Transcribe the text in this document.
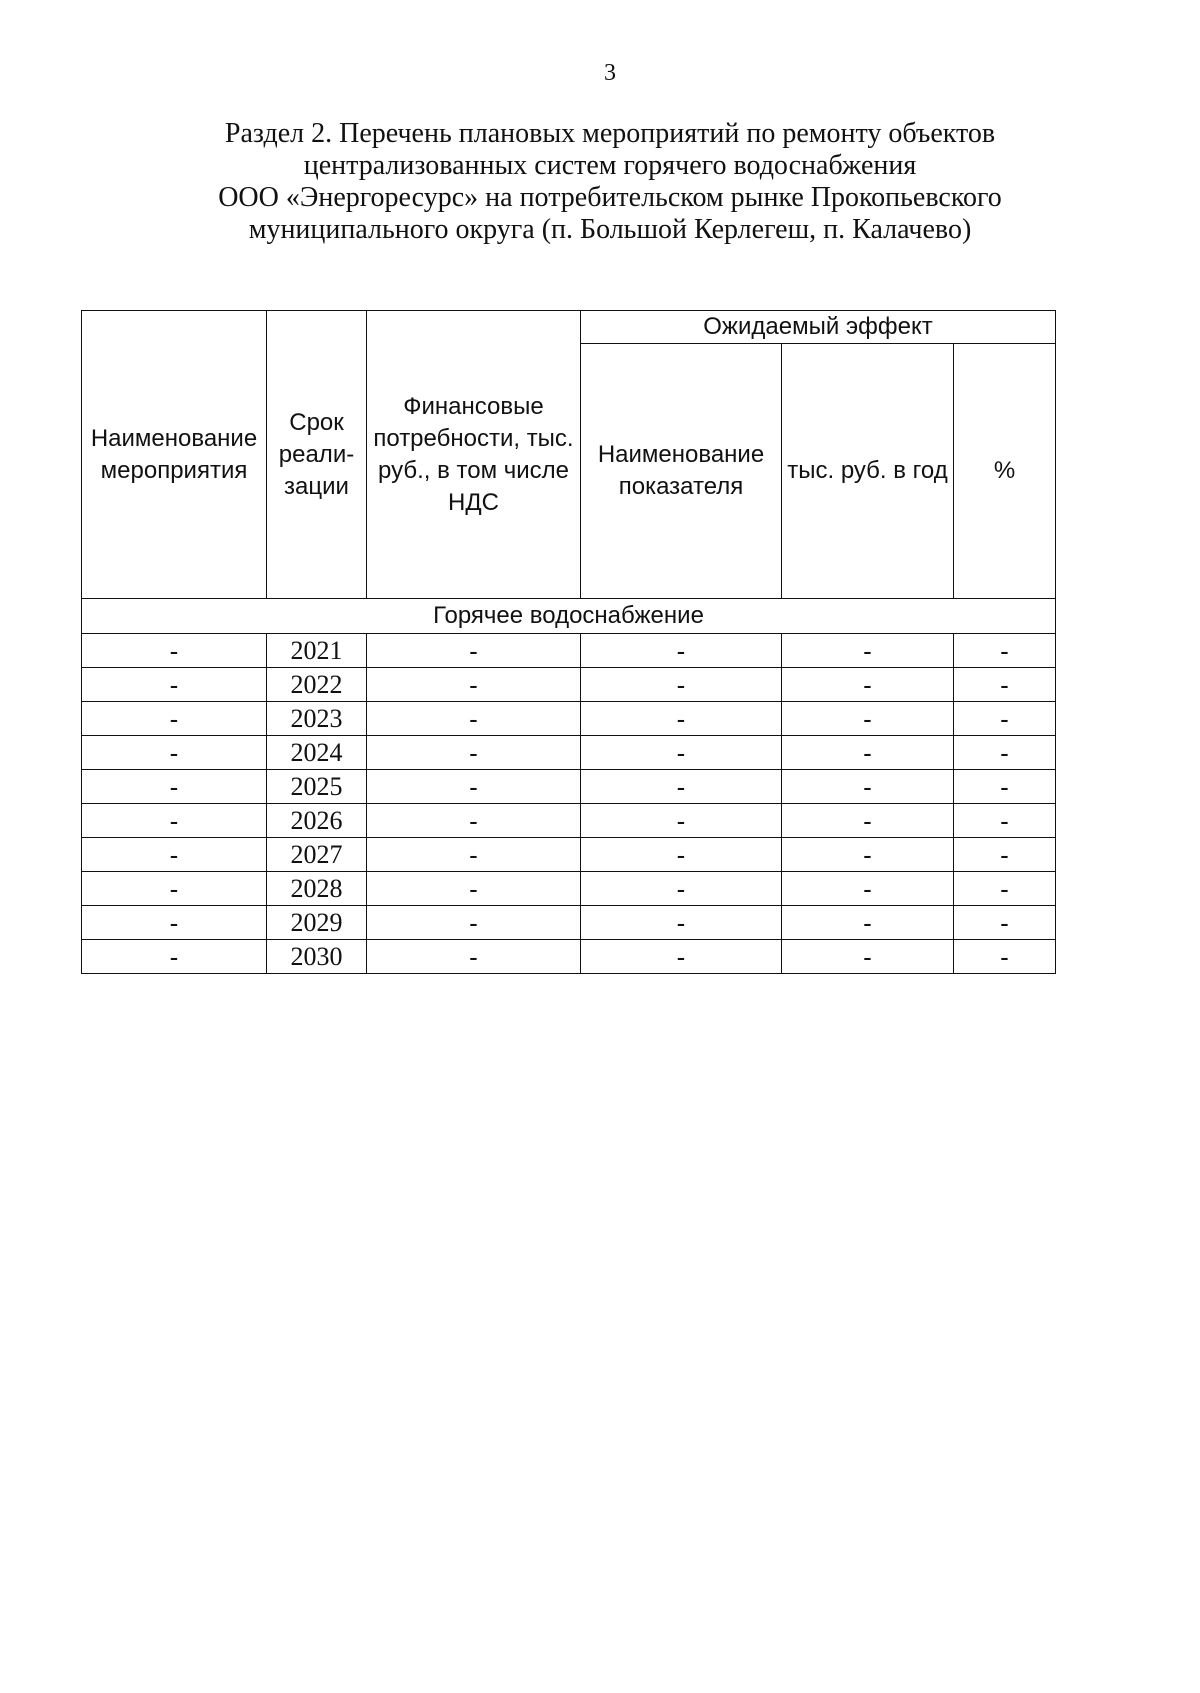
3
Раздел 2. Перечень плановых мероприятий по ремонту объектов
централизованных систем горячего водоснабжения
ООО «Энергоресурс» на потребительском рынке Прокопьевского
муниципального округа (п. Большой Керлегеш, п. Калачево)
Наименование мероприятия	Срок реали- зации	Финансовые потребности, тыс. руб., в том числе НДС	Ожидаемый эффект		
			Наименование показателя	тыс. руб. в год	%
Горячее водоснабжение					
-	2021	-	-	-	-
-	2022	-	-	-	-
-	2023	-	-	-	-
-	2024	-	-	-	-
-	2025	-	-	-	-
-	2026	-	-	-	-
-	2027	-	-	-	-
-	2028	-	-	-	-
-	2029	-	-	-	-
-	2030	-	-	-	-
